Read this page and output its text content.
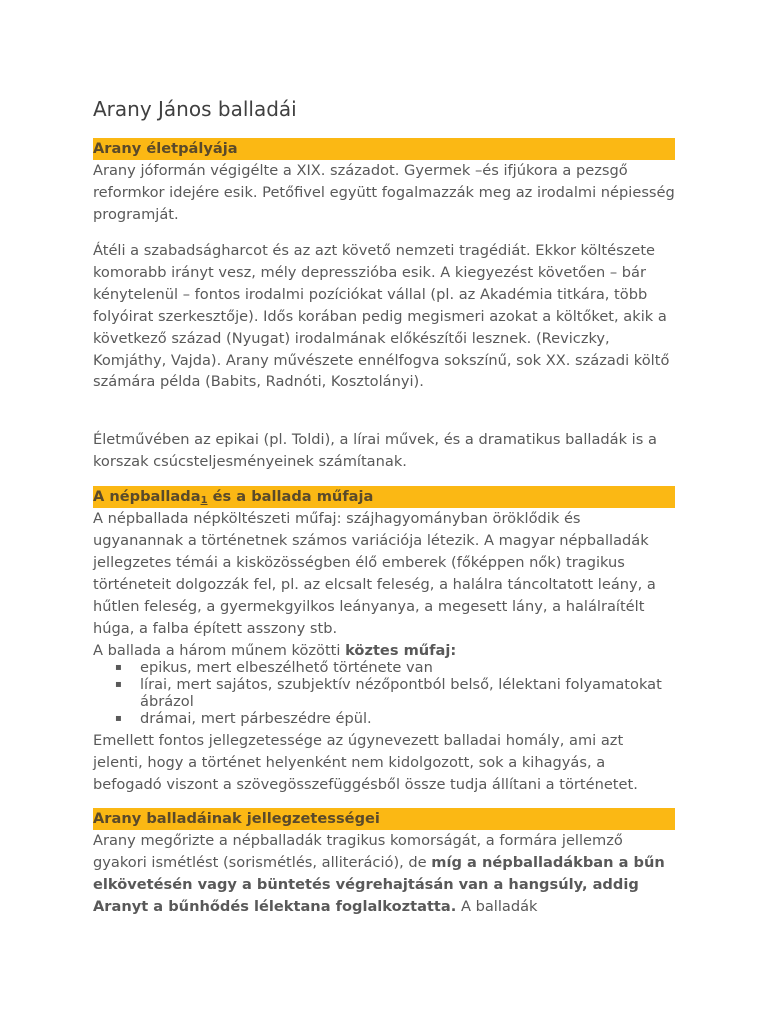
Arany János balladái
Arany életpályája

Arany jóformán végigélte a XIX. századot. Gyermek –és ifjúkora a pezsgő reformkor idejére esik. Petőfivel együtt fogalmazzák meg az irodalmi népiesség programját.

Átéli a szabadságharcot és az azt követő nemzeti tragédiát. Ekkor költészete komorabb irányt vesz, mély depresszióba esik. A kiegyezést követően – bár kénytelenül – fontos irodalmi pozíciókat vállal (pl. az Akadémia titkára, több folyóirat szerkesztője). Idős korában pedig megismeri azokat a költőket, akik a következő század (Nyugat) irodalmának előkészítői lesznek. (Reviczky, Komjáthy, Vajda). Arany művészete ennélfogva sokszínű, sok XX. századi költő számára példa (Babits, Radnóti, Kosztolányi).

Életművében az epikai (pl. Toldi), a lírai művek, és a dramatikus balladák is a korszak csúcsteljesményeinek számítanak.

A népballada$_1$ és a ballada műfaja

A népballada népköltészeti műfaj: szájhagyományban öröklődik és ugyanannak a történetnek számos variációja létezik. A magyar népballadák jellegzetes témái a kisközösségben élő emberek (főképpen nők) tragikus történeteit dolgozzák fel, pl. az elcsalt feleség, a halálra táncoltatott leány, a hűtlen feleség, a gyermekgyilkos leányanya, a megesett lány, a halálraítélt húga, a falba épített asszony stb.

A ballada a három műnem közötti köztes műfaj:

▪ epikus, mert elbeszélhető története van
▪ lírai, mert sajátos, szubjektív nézőpontból belső, lélektani folyamatokat ábrázol
▪ drámai, mert párbeszédre épül.

Emellett fontos jellegzetessége az úgynevezett balladai homály, ami azt jelenti, hogy a történet helyenként nem kidolgozott, sok a kihagyás, a befogadó viszont a szövegösszefüggésből össze tudja állítani a történetet.

Arany balladáinak jellegzetességei

Arany megőrizte a népballadák tragikus komorságát, a formára jellemző gyakori ismétlést (sorismétlés, alliteráció), de míg a népballadákban a bűn elkövetésén vagy a büntetés végrehajtásán van a hangsúly, addig Aranyt a bűnhődés lélektana foglalkoztatta. A balladák
